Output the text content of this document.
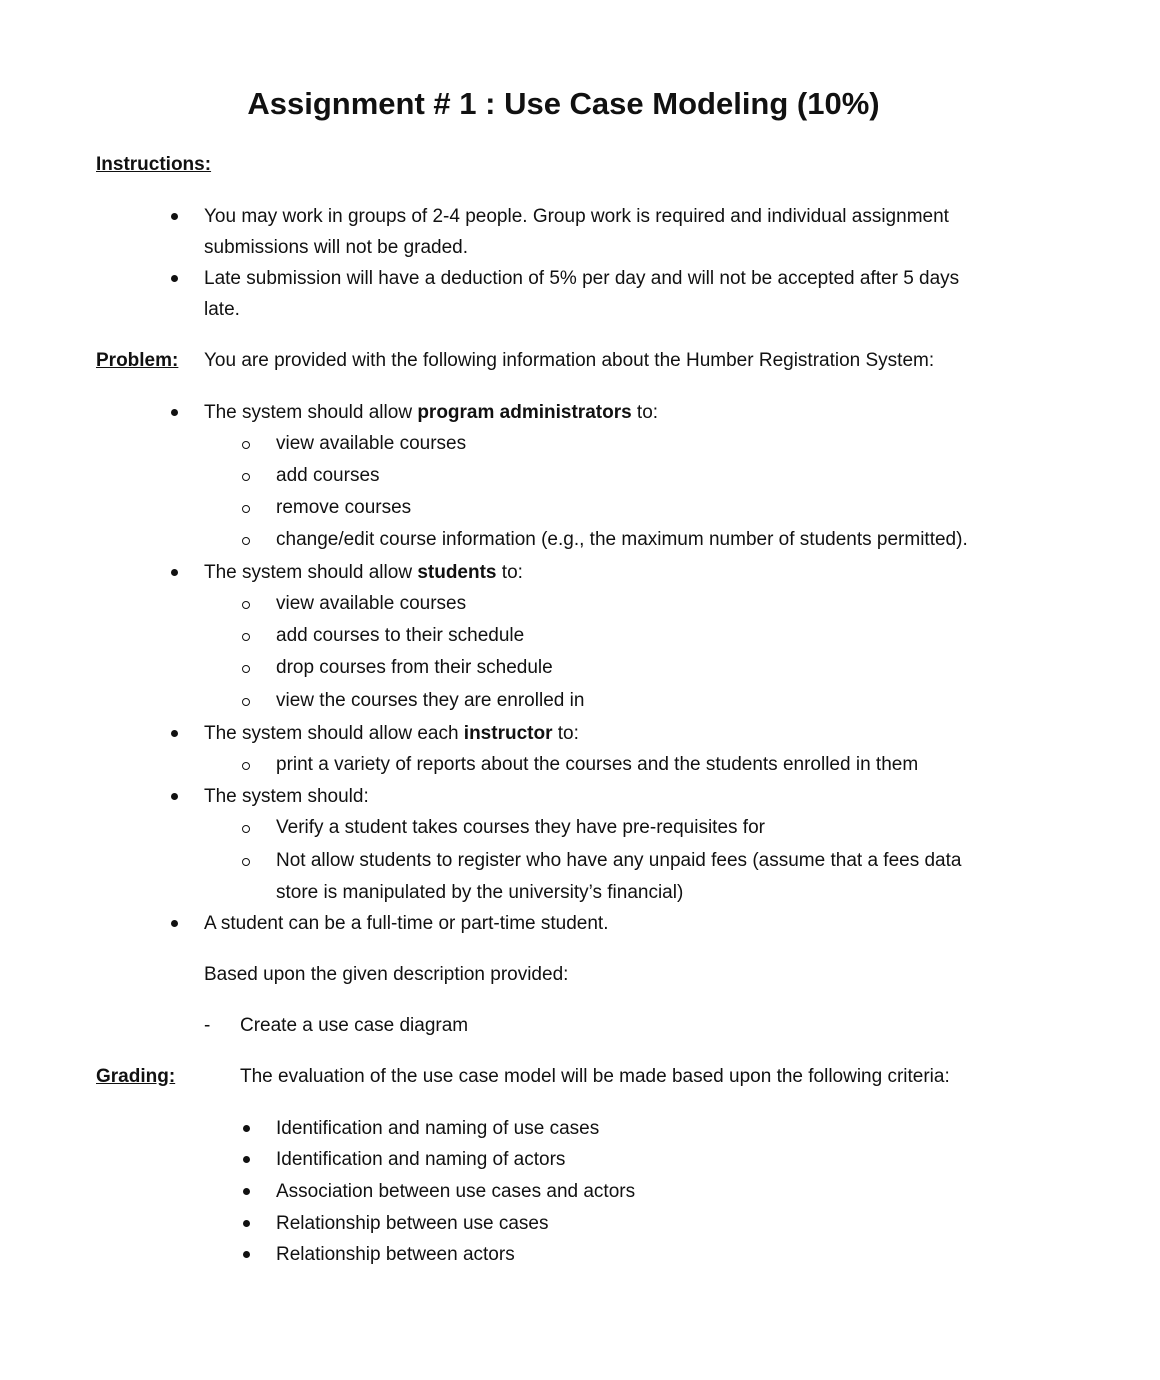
Assignment # 1 : Use Case Modeling (10%)
Instructions:
You may work in groups of 2-4 people. Group work is required and individual assignment
submissions will not be graded.
Late submission will have a deduction of 5% per day and will not be accepted after 5 days
late.
Problem: You are provided with the following information about the Humber Registration System:
The system should allow program administrators to:
view available courses
add courses
remove courses
change/edit course information (e.g., the maximum number of students permitted).
The system should allow students to:
view available courses
add courses to their schedule
drop courses from their schedule
view the courses they are enrolled in
The system should allow each instructor to:
print a variety of reports about the courses and the students enrolled in them
The system should:
Verify a student takes courses they have pre-requisites for
Not allow students to register who have any unpaid fees (assume that a fees data
store is manipulated by the university’s financial)
A student can be a full-time or part-time student.
Based upon the given description provided:
- Create a use case diagram
Grading:	The evaluation of the use case model will be made based upon the following criteria:
Identification and naming of use cases
Identification and naming of actors
Association between use cases and actors
Relationship between use cases
Relationship between actors
